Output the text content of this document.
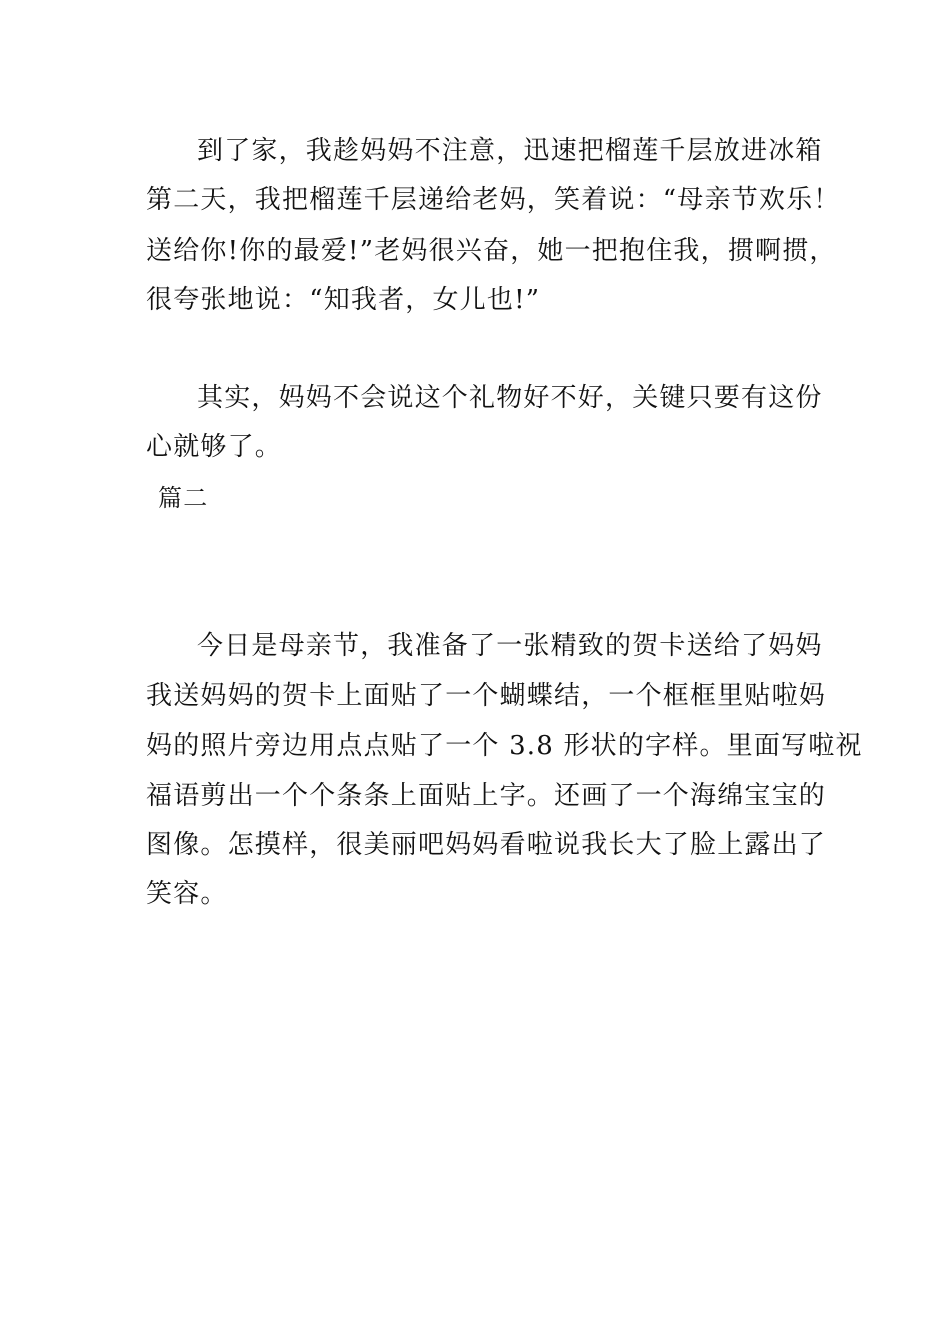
到了家，我趁妈妈不注意，迅速把榴莲千层放进冰箱
第二天，我把榴莲千层递给老妈，笑着说：“母亲节欢乐！
送给你!你的最爱!”老妈很兴奋，她一把抱住我，掼啊掼，
很夸张地说：“知我者，女儿也!”
其实，妈妈不会说这个礼物好不好，关键只要有这份
心就够了。
篇二
今日是母亲节，我准备了一张精致的贺卡送给了妈妈
我送妈妈的贺卡上面贴了一个蝴蝶结，一个框框里贴啦妈
妈的照片旁边用点点贴了一个 3.8 形状的字样。里面写啦祝
福语剪出一个个条条上面贴上字。还画了一个海绵宝宝的
图像。怎摸样，很美丽吧妈妈看啦说我长大了脸上露出了
笑容。
